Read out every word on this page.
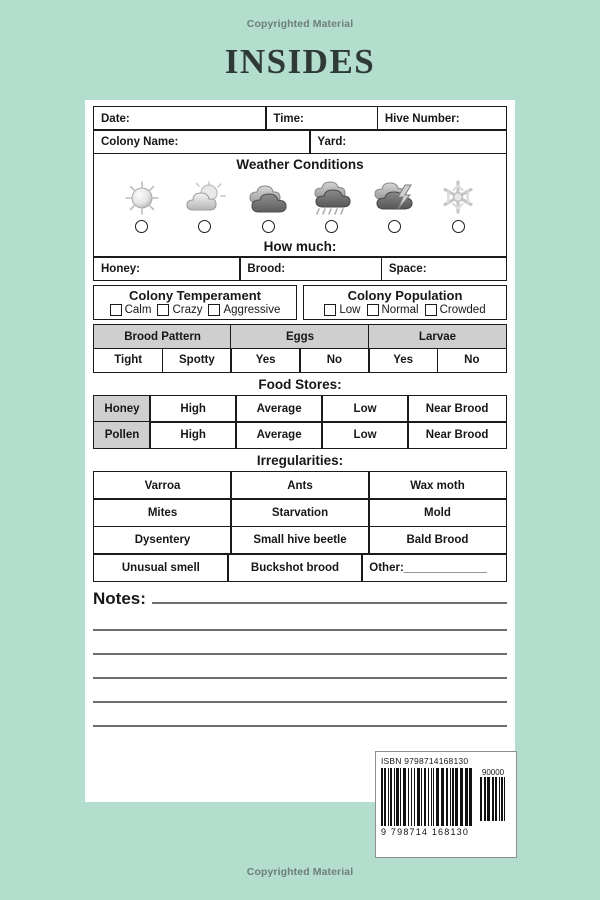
Copyrighted Material
INSIDES
Date:	Time:	Hive Number:
Colony Name:	Yard:
Weather Conditions
How much:
Honey:	Brood:	Space:
Colony Temperament
Calm Crazy Aggressive
Colony Population
Low Normal Crowded
Brood Pattern	Eggs	Larvae
Tight	Spotty	Yes	No	Yes	No
Food Stores:
Honey	High	Average	Low	Near Brood
Pollen	High	Average	Low	Near Brood
Irregularities:
Varroa	Ants	Wax moth
Mites	Starvation	Mold
Dysentery	Small hive beetle	Bald Brood
Unusual smell	Buckshot brood	Other:_____________
Notes:
ISBN 9798714168130
9 798714 168130
90000
Copyrighted Material
